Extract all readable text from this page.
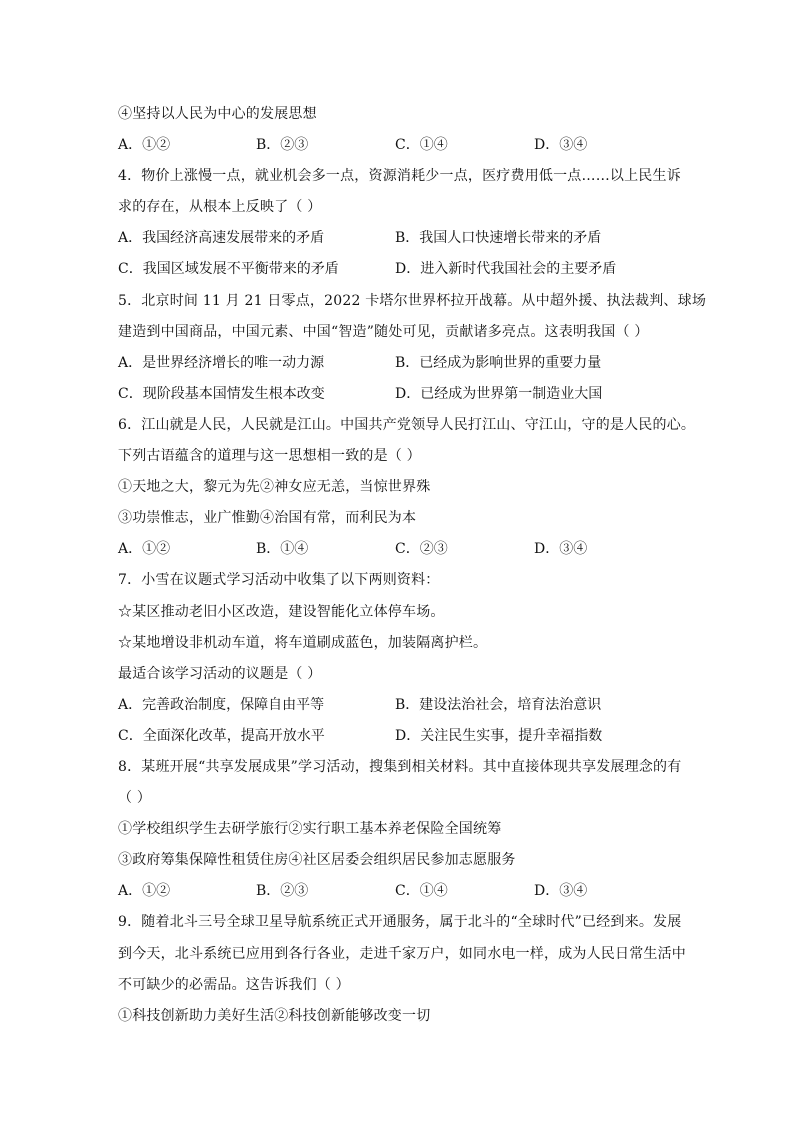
④坚持以人民为中心的发展思想
A．①②	B．②③	C．①④	D．③④
4．物价上涨慢一点，就业机会多一点，资源消耗少一点，医疗费用低一点……以上民生诉
求的存在，从根本上反映了（ ）
A．我国经济高速发展带来的矛盾	B．我国人口快速增长带来的矛盾
C．我国区域发展不平衡带来的矛盾	D．进入新时代我国社会的主要矛盾
5．北京时间 11 月 21 日零点，2022 卡塔尔世界杯拉开战幕。从中超外援、执法裁判、球场
建造到中国商品，中国元素、中国“智造”随处可见，贡献诸多亮点。这表明我国（ ）
A．是世界经济增长的唯一动力源	B．已经成为影响世界的重要力量
C．现阶段基本国情发生根本改变	D．已经成为世界第一制造业大国
6．江山就是人民，人民就是江山。中国共产党领导人民打江山、守江山，守的是人民的心。
下列古语蕴含的道理与这一思想相一致的是（ ）
①天地之大，黎元为先②神女应无恙，当惊世界殊
③功崇惟志，业广惟勤④治国有常，而利民为本
A．①②	B．①④	C．②③	D．③④
7．小雪在议题式学习活动中收集了以下两则资料：
☆某区推动老旧小区改造，建设智能化立体停车场。
☆某地增设非机动车道，将车道刷成蓝色，加装隔离护栏。
最适合该学习活动的议题是（ ）
A．完善政治制度，保障自由平等	B．建设法治社会，培育法治意识
C．全面深化改革，提高开放水平	D．关注民生实事，提升幸福指数
8．某班开展“共享发展成果”学习活动，搜集到相关材料。其中直接体现共享发展理念的有
（ ）
①学校组织学生去研学旅行②实行职工基本养老保险全国统筹
③政府筹集保障性租赁住房④社区居委会组织居民参加志愿服务
A．①②	B．②③	C．①④	D．③④
9．随着北斗三号全球卫星导航系统正式开通服务，属于北斗的“全球时代”已经到来。发展
到今天，北斗系统已应用到各行各业，走进千家万户，如同水电一样，成为人民日常生活中
不可缺少的必需品。这告诉我们（ ）
①科技创新助力美好生活②科技创新能够改变一切
